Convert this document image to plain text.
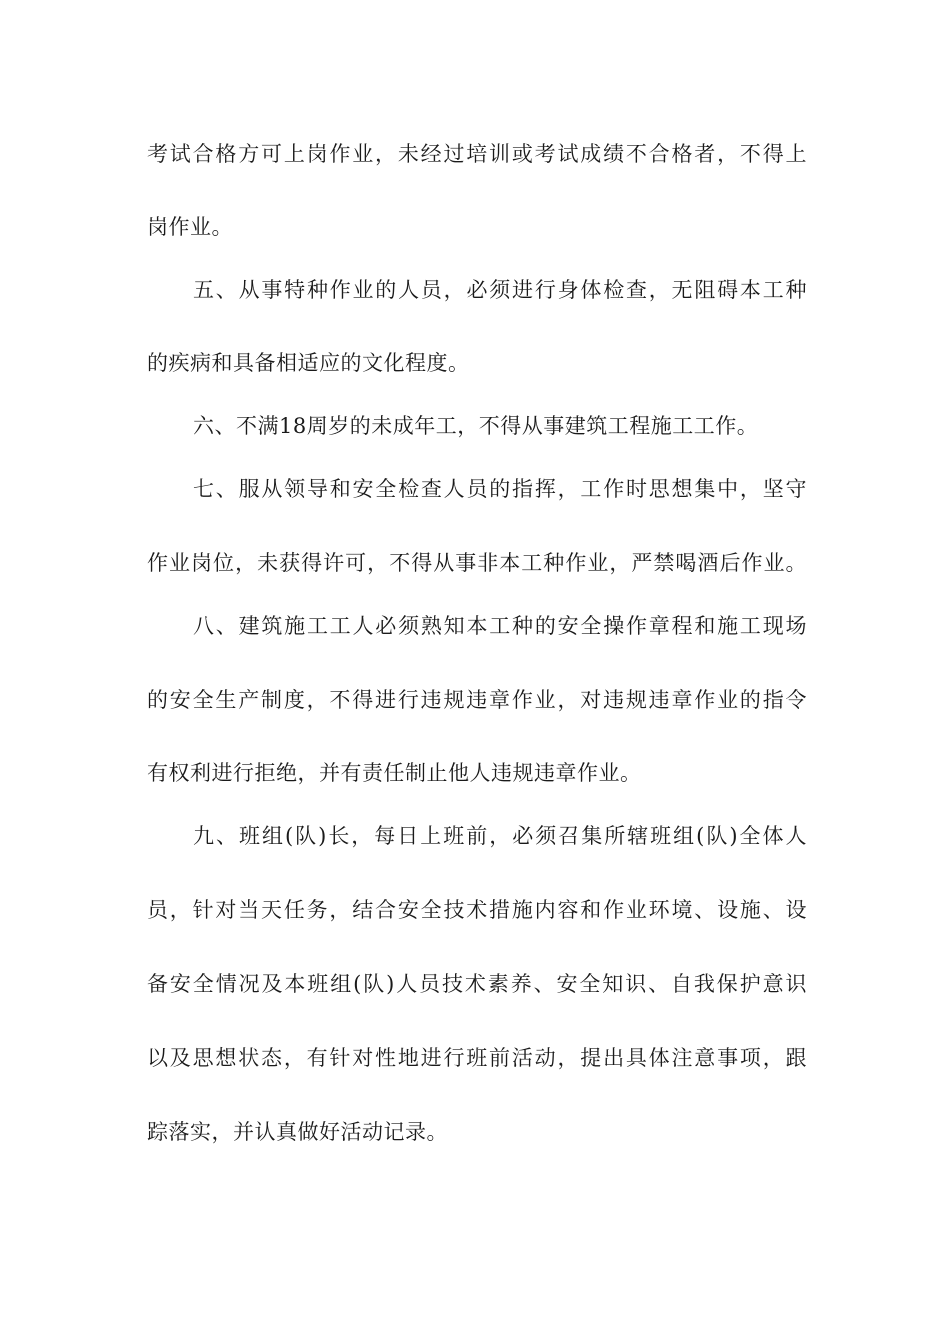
考试合格方可上岗作业，未经过培训或考试成绩不合格者，不得上
岗作业。
五、从事特种作业的人员，必须进行身体检查，无阻碍本工种
的疾病和具备相适应的文化程度。
六、不满18周岁的未成年工，不得从事建筑工程施工工作。
七、服从领导和安全检查人员的指挥，工作时思想集中，坚守
作业岗位，未获得许可，不得从事非本工种作业，严禁喝酒后作业。
八、建筑施工工人必须熟知本工种的安全操作章程和施工现场
的安全生产制度，不得进行违规违章作业，对违规违章作业的指令
有权利进行拒绝，并有责任制止他人违规违章作业。
九、班组(队)长，每日上班前，必须召集所辖班组(队)全体人
员，针对当天任务，结合安全技术措施内容和作业环境、设施、设
备安全情况及本班组(队)人员技术素养、安全知识、自我保护意识
以及思想状态，有针对性地进行班前活动，提出具体注意事项，跟
踪落实，并认真做好活动记录。
